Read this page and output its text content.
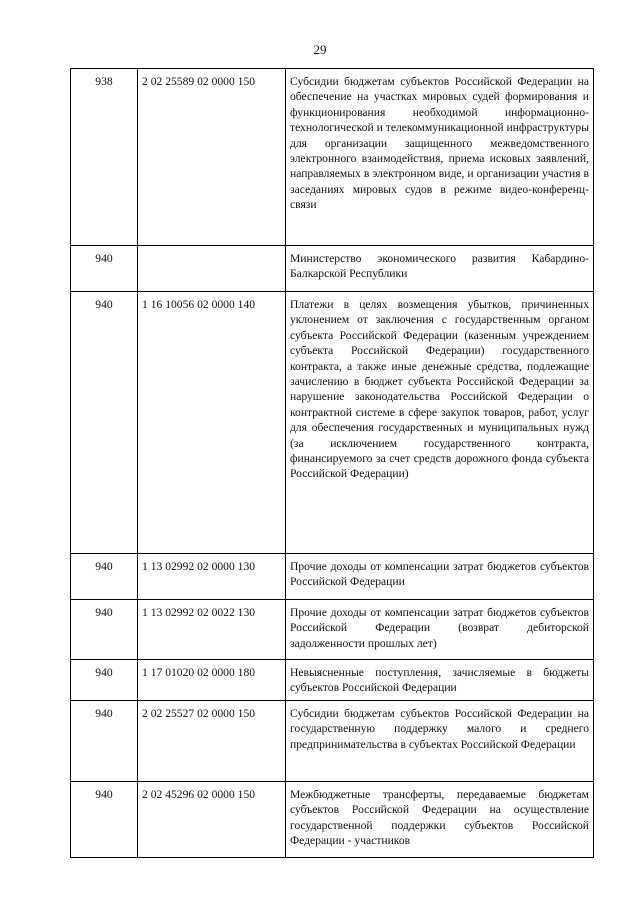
29
938	2 02 25589 02 0000 150	Субсидии бюджетам субъектов Российской Федерации на обеспечение на участках мировых судей формирования и функционирования необходимой информационно-технологической и телекоммуникационной инфраструктуры для организации защищенного межведомственного электронного взаимодействия, приема исковых заявлений, направляемых в электронном виде, и организации участия в заседаниях мировых судов в режиме видео-конференц-связи
940		Министерство экономического развития Кабардино-Балкарской Республики
940	1 16 10056 02 0000 140	Платежи в целях возмещения убытков, причиненных уклонением от заключения с государственным органом субъекта Российской Федерации (казенным учреждением субъекта Российской Федерации) государственного контракта, а также иные денежные средства, подлежащие зачислению в бюджет субъекта Российской Федерации за нарушение законодательства Российской Федерации о контрактной системе в сфере закупок товаров, работ, услуг для обеспечения государственных и муниципальных нужд (за исключением государственного контракта, финансируемого за счет средств дорожного фонда субъекта Российской Федерации)
940	1 13 02992 02 0000 130	Прочие доходы от компенсации затрат бюджетов субъектов Российской Федерации
940	1 13 02992 02 0022 130	Прочие доходы от компенсации затрат бюджетов субъектов Российской Федерации (возврат дебиторской задолженности прошлых лет)
940	1 17 01020 02 0000 180	Невыясненные поступления, зачисляемые в бюджеты субъектов Российской Федерации
940	2 02 25527 02 0000 150	Субсидии бюджетам субъектов Российской Федерации на государственную поддержку малого и среднего предпринимательства в субъектах Российской Федерации
940	2 02 45296 02 0000 150	Межбюджетные трансферты, передаваемые бюджетам субъектов Российской Федерации на осуществление государственной поддержки субъектов Российской Федерации - участников
